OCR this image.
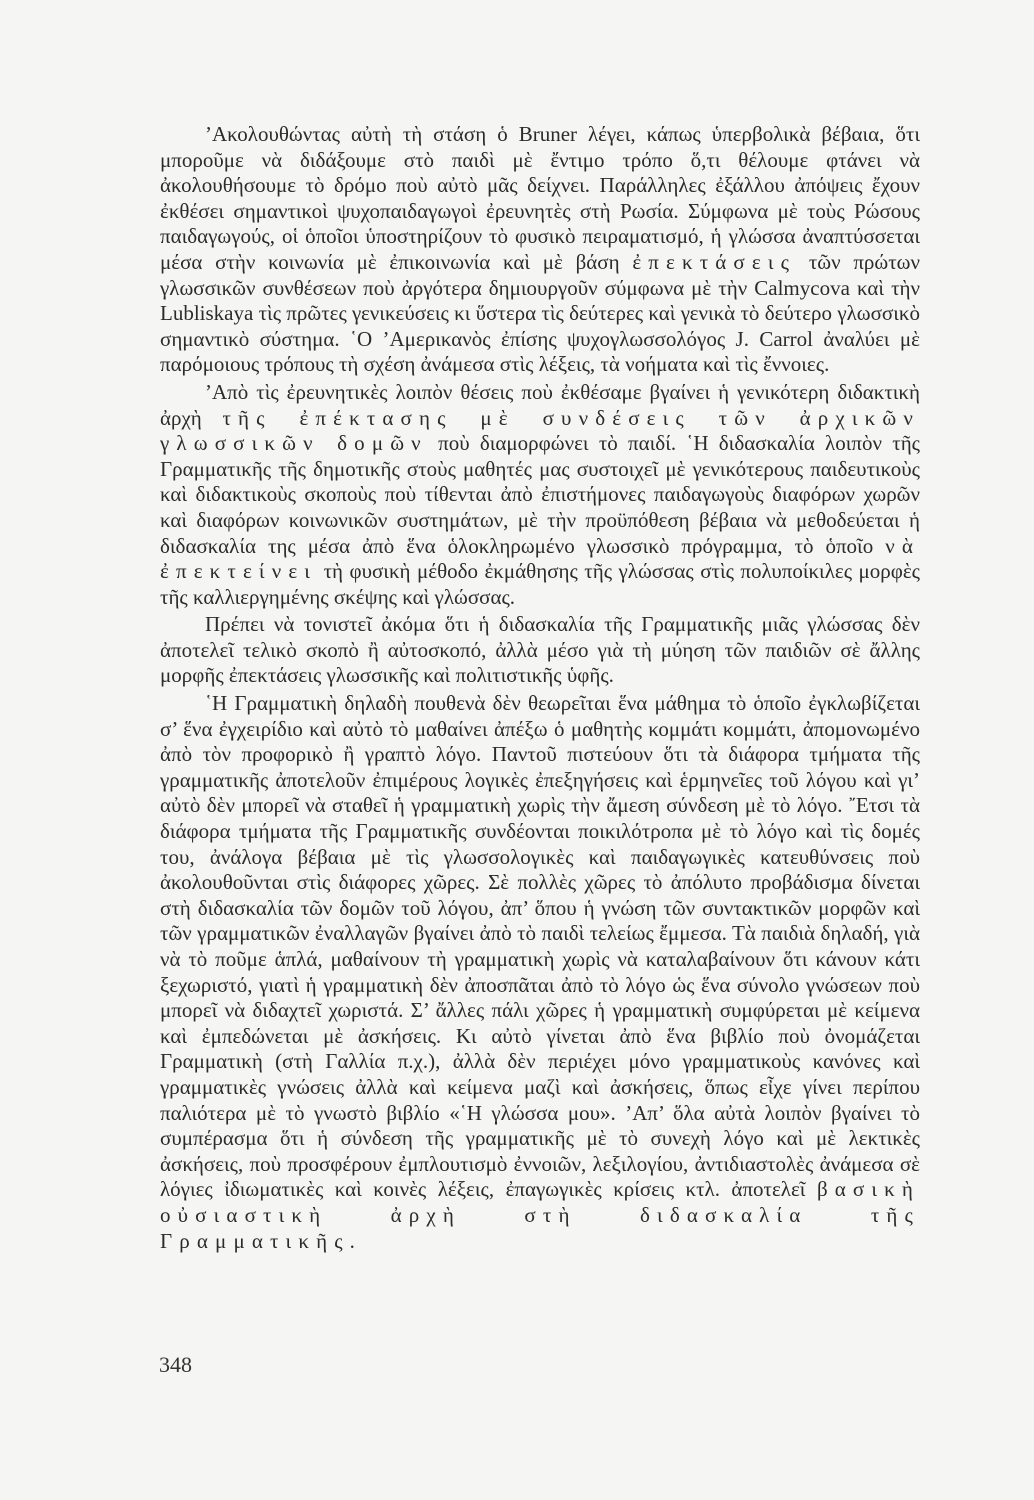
’Ακολουθώντας αὐτὴ τὴ στάση ὁ Bruner λέγει, κάπως ὑπερβολικὰ βέβαια, ὅτι μποροῦμε νὰ διδάξουμε στὸ παιδὶ μὲ ἔντιμο τρόπο ὅ,τι θέλουμε φτάνει νὰ ἀκολουθήσουμε τὸ δρόμο ποὺ αὐτὸ μᾶς δείχνει. Παράλληλες ἐξάλλου ἀπόψεις ἔχουν ἐκθέσει σημαντικοὶ ψυχοπαιδαγωγοὶ ἐρευνητὲς στὴ Ρωσία. Σύμφωνα μὲ τοὺς Ρώσους παιδαγωγούς, οἱ ὁποῖοι ὑποστηρίζουν τὸ φυσικὸ πειραματισμό, ἡ γλώσσα ἀναπτύσσεται μέσα στὴν κοινωνία μὲ ἐπικοινωνία καὶ μὲ βάση ἐπεκτάσεις τῶν πρώτων γλωσσικῶν συνθέσεων ποὺ ἀργότερα δημιουργοῦν σύμφωνα μὲ τὴν Calmycova καὶ τὴν Lubliskaya τὶς πρῶτες γενικεύσεις κι ὕστερα τὶς δεύτερες καὶ γενικὰ τὸ δεύτερο γλωσσικὸ σημαντικὸ σύστημα. ῾Ο ’Αμερικανὸς ἐπίσης ψυχογλωσσολόγος J. Carrol ἀναλύει μὲ παρόμοιους τρόπους τὴ σχέση ἀνάμεσα στὶς λέξεις, τὰ νοήματα καὶ τὶς ἔννοιες.

’Απὸ τὶς ἐρευνητικὲς λοιπὸν θέσεις ποὺ ἐκθέσαμε βγαίνει ἡ γενικότερη διδακτικὴ ἀρχὴ τῆς ἐπέκτασης μὲ συνδέσεις τῶν ἀρχικῶν γλωσσικῶν δομῶν ποὺ διαμορφώνει τὸ παιδί. ῾Η διδασκαλία λοιπὸν τῆς Γραμματικῆς τῆς δημοτικῆς στοὺς μαθητές μας συστοιχεῖ μὲ γενικότερους παιδευτικοὺς καὶ διδακτικοὺς σκοποὺς ποὺ τίθενται ἀπὸ ἐπιστήμονες παιδαγωγοὺς διαφόρων χωρῶν καὶ διαφόρων κοινωνικῶν συστημάτων, μὲ τὴν προϋπόθεση βέβαια νὰ μεθοδεύεται ἡ διδασκαλία της μέσα ἀπὸ ἕνα ὁλοκληρωμένο γλωσσικὸ πρόγραμμα, τὸ ὁποῖο νὰ ἐπεκτείνει τὴ φυσικὴ μέθοδο ἐκμάθησης τῆς γλώσσας στὶς πολυποίκιλες μορφὲς τῆς καλλιεργημένης σκέψης καὶ γλώσσας.

Πρέπει νὰ τονιστεῖ ἀκόμα ὅτι ἡ διδασκαλία τῆς Γραμματικῆς μιᾶς γλώσσας δὲν ἀποτελεῖ τελικὸ σκοπὸ ἢ αὐτοσκοπό, ἀλλὰ μέσο γιὰ τὴ μύηση τῶν παιδιῶν σὲ ἄλλης μορφῆς ἐπεκτάσεις γλωσσικῆς καὶ πολιτιστικῆς ὑφῆς.

῾Η Γραμματικὴ δηλαδὴ πουθενὰ δὲν θεωρεῖται ἕνα μάθημα τὸ ὁποῖο ἐγκλωβίζεται σ’ ἕνα ἐγχειρίδιο καὶ αὐτὸ τὸ μαθαίνει ἀπέξω ὁ μαθητὴς κομμάτι κομμάτι, ἀπομονωμένο ἀπὸ τὸν προφορικὸ ἢ γραπτὸ λόγο. Παντοῦ πιστεύουν ὅτι τὰ διάφορα τμήματα τῆς γραμματικῆς ἀποτελοῦν ἐπιμέρους λογικὲς ἐπεξηγήσεις καὶ ἑρμηνεῖες τοῦ λόγου καὶ γι’ αὐτὸ δὲν μπορεῖ νὰ σταθεῖ ἡ γραμματικὴ χωρὶς τὴν ἄμεση σύνδεση μὲ τὸ λόγο. ῎Ετσι τὰ διάφορα τμήματα τῆς Γραμματικῆς συνδέονται ποικιλότροπα μὲ τὸ λόγο καὶ τὶς δομές του, ἀνάλογα βέβαια μὲ τὶς γλωσσολογικὲς καὶ παιδαγωγικὲς κατευθύνσεις ποὺ ἀκολουθοῦνται στὶς διάφορες χῶρες. Σὲ πολλὲς χῶρες τὸ ἀπόλυτο προβάδισμα δίνεται στὴ διδασκαλία τῶν δομῶν τοῦ λόγου, ἀπ’ ὅπου ἡ γνώση τῶν συντακτικῶν μορφῶν καὶ τῶν γραμματικῶν ἐναλλαγῶν βγαίνει ἀπὸ τὸ παιδὶ τελείως ἔμμεσα. Τὰ παιδιὰ δηλαδή, γιὰ νὰ τὸ ποῦμε ἁπλά, μαθαίνουν τὴ γραμματικὴ χωρὶς νὰ καταλαβαίνουν ὅτι κάνουν κάτι ξεχωριστό, γιατὶ ἡ γραμματικὴ δὲν ἀποσπᾶται ἀπὸ τὸ λόγο ὡς ἕνα σύνολο γνώσεων ποὺ μπορεῖ νὰ διδαχτεῖ χωριστά. Σ’ ἄλλες πάλι χῶρες ἡ γραμματικὴ συμφύρεται μὲ κείμενα καὶ ἐμπεδώνεται μὲ ἀσκήσεις. Κι αὐτὸ γίνεται ἀπὸ ἕνα βιβλίο ποὺ ὀνομάζεται Γραμματικὴ (στὴ Γαλλία π.χ.), ἀλλὰ δὲν περιέχει μόνο γραμματικοὺς κανόνες καὶ γραμματικὲς γνώσεις ἀλλὰ καὶ κείμενα μαζὶ καὶ ἀσκήσεις, ὅπως εἶχε γίνει περίπου παλιότερα μὲ τὸ γνωστὸ βιβλίο «῾Η γλώσσα μου». ’Απ’ ὅλα αὐτὰ λοιπὸν βγαίνει τὸ συμπέρασμα ὅτι ἡ σύνδεση τῆς γραμματικῆς μὲ τὸ συνεχὴ λόγο καὶ μὲ λεκτικὲς ἀσκήσεις, ποὺ προσφέρουν ἐμπλουτισμὸ ἐννοιῶν, λεξιλογίου, ἀντιδιαστολὲς ἀνάμεσα σὲ λόγιες ἰδιωματικὲς καὶ κοινὲς λέξεις, ἐπαγωγικὲς κρίσεις κτλ. ἀποτελεῖ βασικὴ οὐσιαστικὴ ἀρχὴ στὴ διδασκαλία τῆς Γραμματικῆς.

348
